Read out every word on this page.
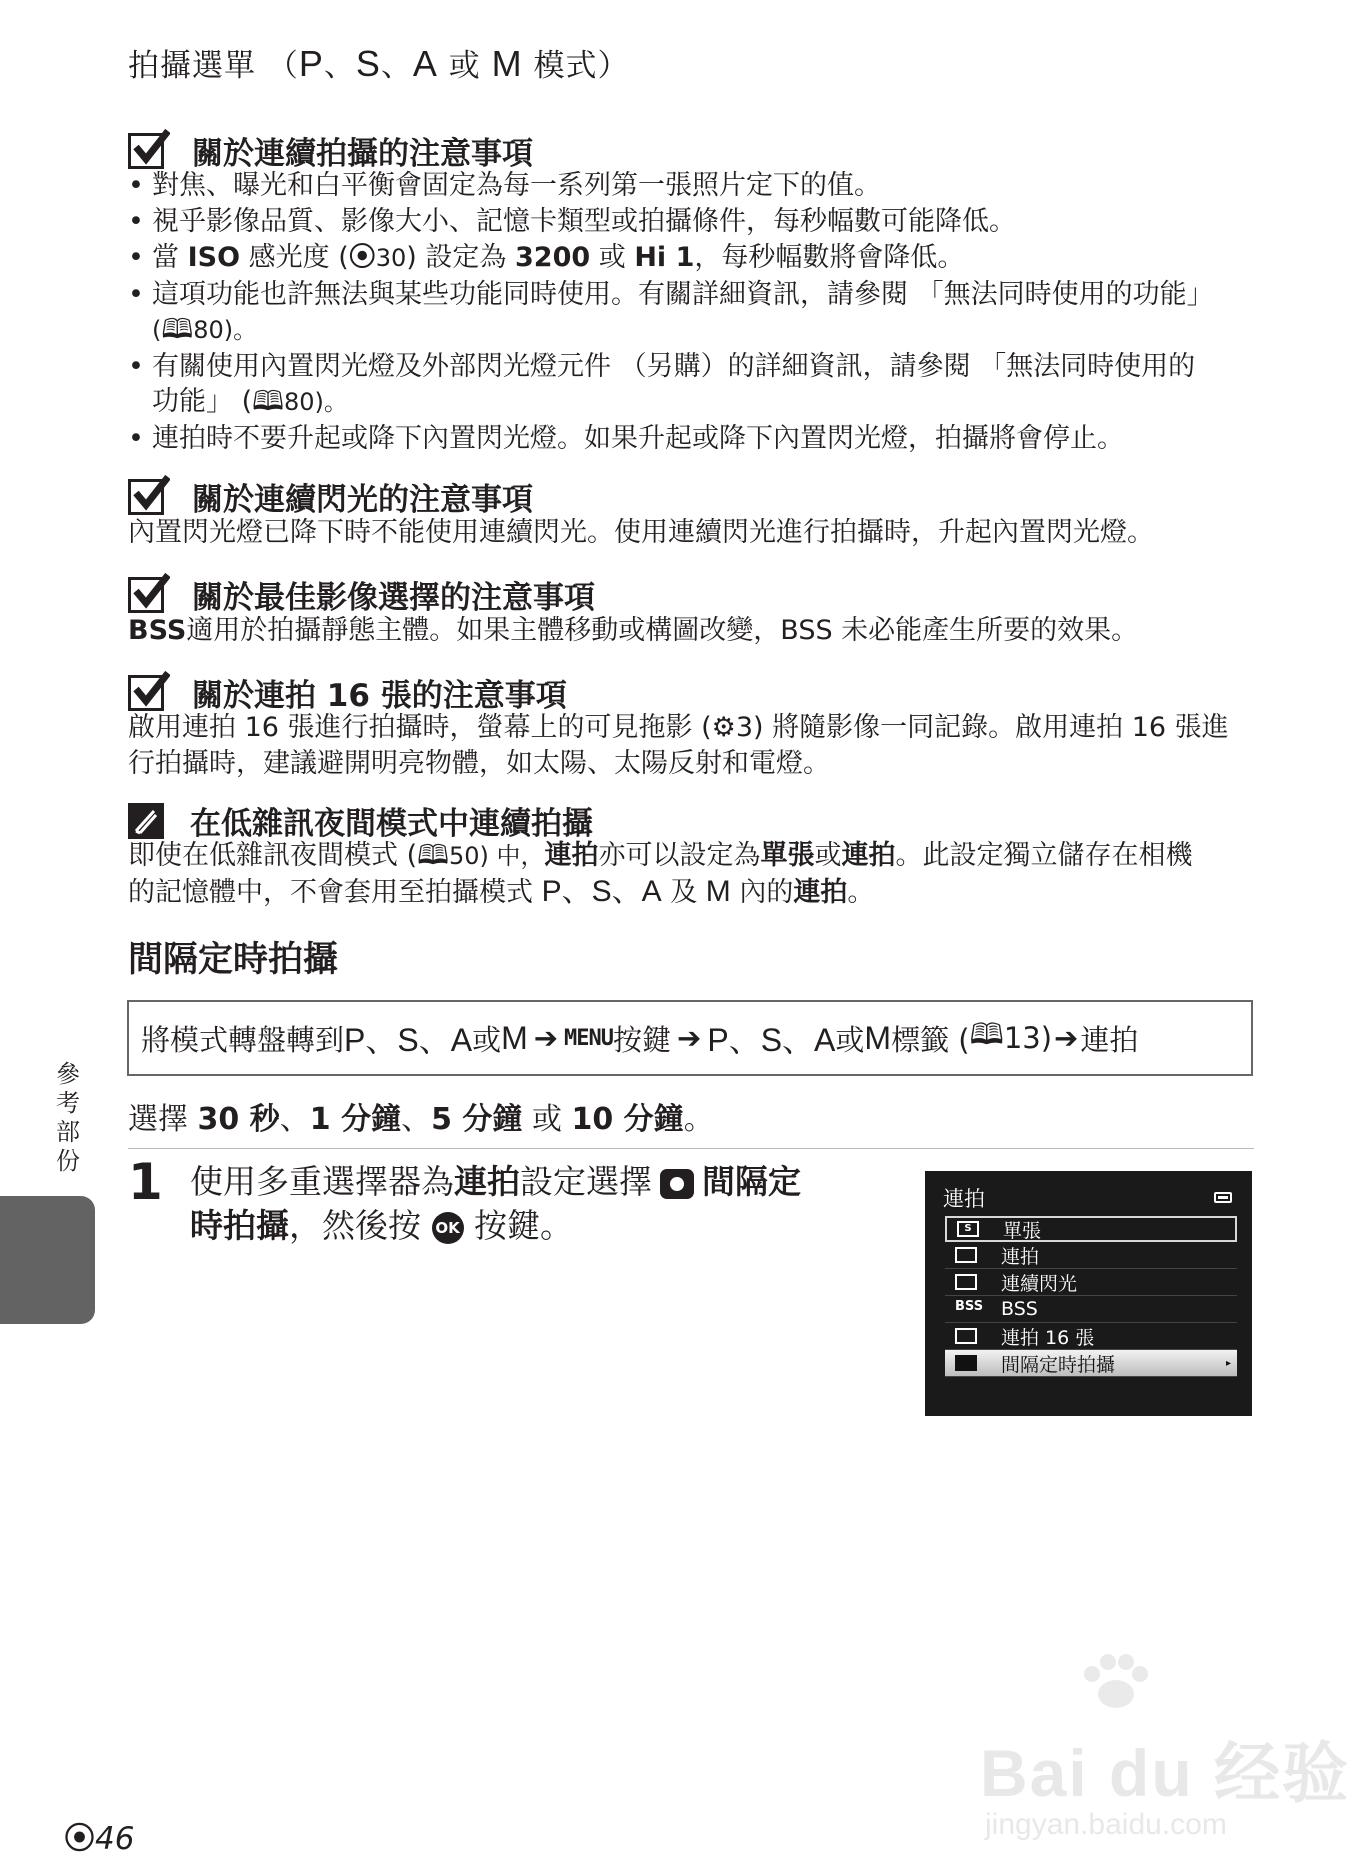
拍攝選單 （P、S、A 或 M 模式）
關於連續拍攝的注意事項
• 對焦、曝光和白平衡會固定為每一系列第一張照片定下的值。
• 視乎影像品質、影像大小、記憶卡類型或拍攝條件，每秒幅數可能降低。
• 當 ISO 感光度 (⦿30) 設定為 3200 或 Hi 1，每秒幅數將會降低。
• 這項功能也許無法與某些功能同時使用。有關詳細資訊，請參閱 「無法同時使用的功能」
(🕮80)。
• 有關使用內置閃光燈及外部閃光燈元件 （另購）的詳細資訊，請參閱 「無法同時使用的
功能」 (🕮80)。
• 連拍時不要升起或降下內置閃光燈。如果升起或降下內置閃光燈，拍攝將會停止。
關於連續閃光的注意事項
內置閃光燈已降下時不能使用連續閃光。使用連續閃光進行拍攝時，升起內置閃光燈。
關於最佳影像選擇的注意事項
BSS適用於拍攝靜態主體。如果主體移動或構圖改變，BSS 未必能產生所要的效果。
關於連拍 16 張的注意事項
啟用連拍 16 張進行拍攝時，螢幕上的可見拖影 (⚙3) 將隨影像一同記錄。啟用連拍 16 張進
行拍攝時，建議避開明亮物體，如太陽、太陽反射和電燈。
在低雜訊夜間模式中連續拍攝
即使在低雜訊夜間模式 (🕮50) 中，連拍亦可以設定為單張或連拍。此設定獨立儲存在相機
的記憶體中，不會套用至拍攝模式 P、S、A 及 M 內的連拍。
間隔定時拍攝
將模式轉盤轉到 P、S、A 或 M ➔ MENU 按鍵 ➔ P、S、A 或 M 標籤 ( 🕮 13) ➔ 連拍
選擇 30 秒、1 分鐘、5 分鐘 或 10 分鐘。
1 使用多重選擇器為連拍設定選擇 間隔定
時拍攝，然後按 OK 按鍵。
連拍
S	單張
連拍
連續閃光
BSS BSS
連拍 16 張
間隔定時拍攝	▸
參考部份
⦿46
Bai du 经验
jingyan.baidu.com
